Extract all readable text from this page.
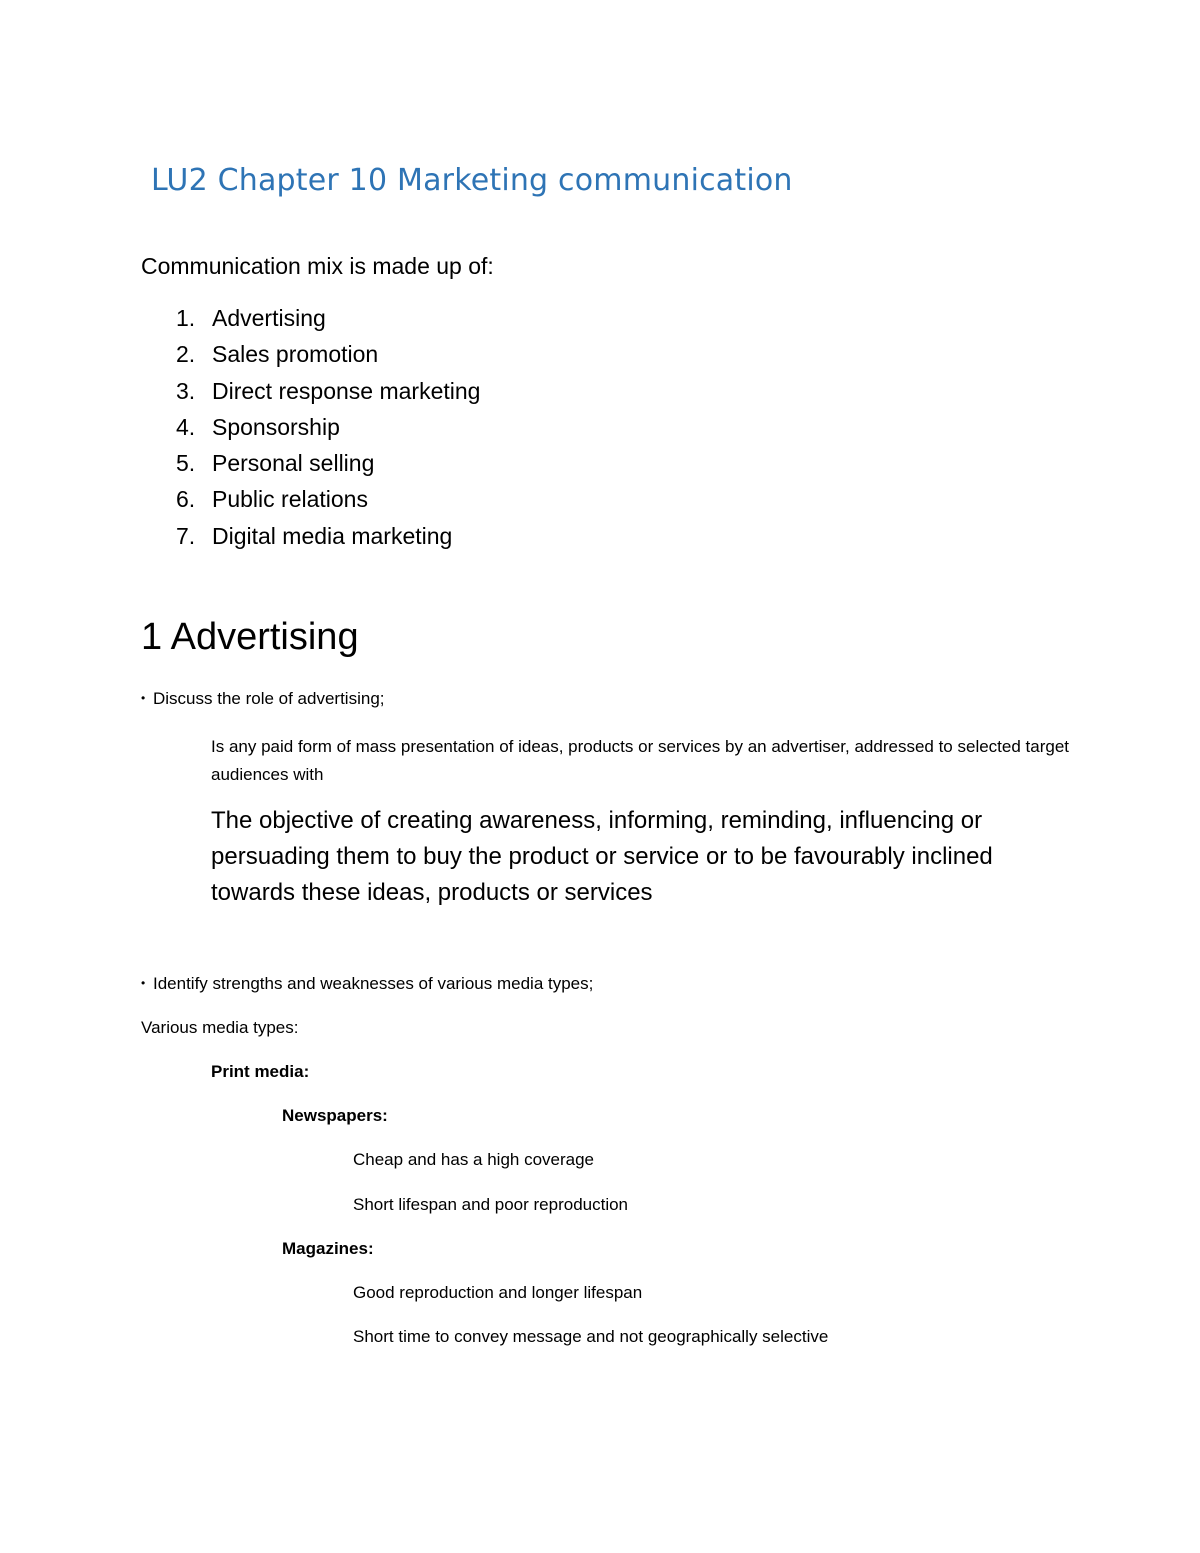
LU2 Chapter 10 Marketing communication
Communication mix is made up of:
1. Advertising
2. Sales promotion
3. Direct response marketing
4. Sponsorship
5. Personal selling
6. Public relations
7. Digital media marketing
1 Advertising
• Discuss the role of advertising;
Is any paid form of mass presentation of ideas, products or services by an advertiser, addressed to selected target audiences with
The objective of creating awareness, informing, reminding, influencing or persuading them to buy the product or service or to be favourably inclined towards these ideas, products or services
• Identify strengths and weaknesses of various media types;
Various media types:
Print media:
Newspapers:
Cheap and has a high coverage
Short lifespan and poor reproduction
Magazines:
Good reproduction and longer lifespan
Short time to convey message and not geographically selective
